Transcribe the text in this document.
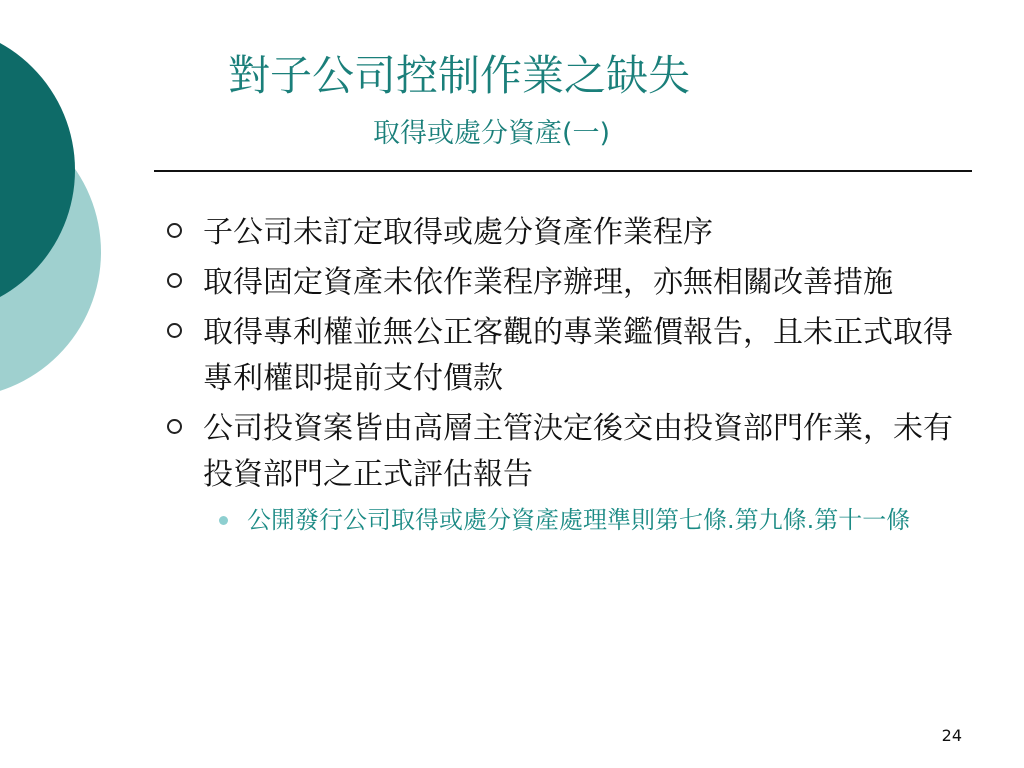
對子公司控制作業之缺失
取得或處分資產(一)
子公司未訂定取得或處分資產作業程序
取得固定資產未依作業程序辦理，亦無相關改善措施
取得專利權並無公正客觀的專業鑑價報告，且未正式取得專利權即提前支付價款
公司投資案皆由高層主管決定後交由投資部門作業，未有投資部門之正式評估報告
公開發行公司取得或處分資產處理準則第七條.第九條.第十一條
24
